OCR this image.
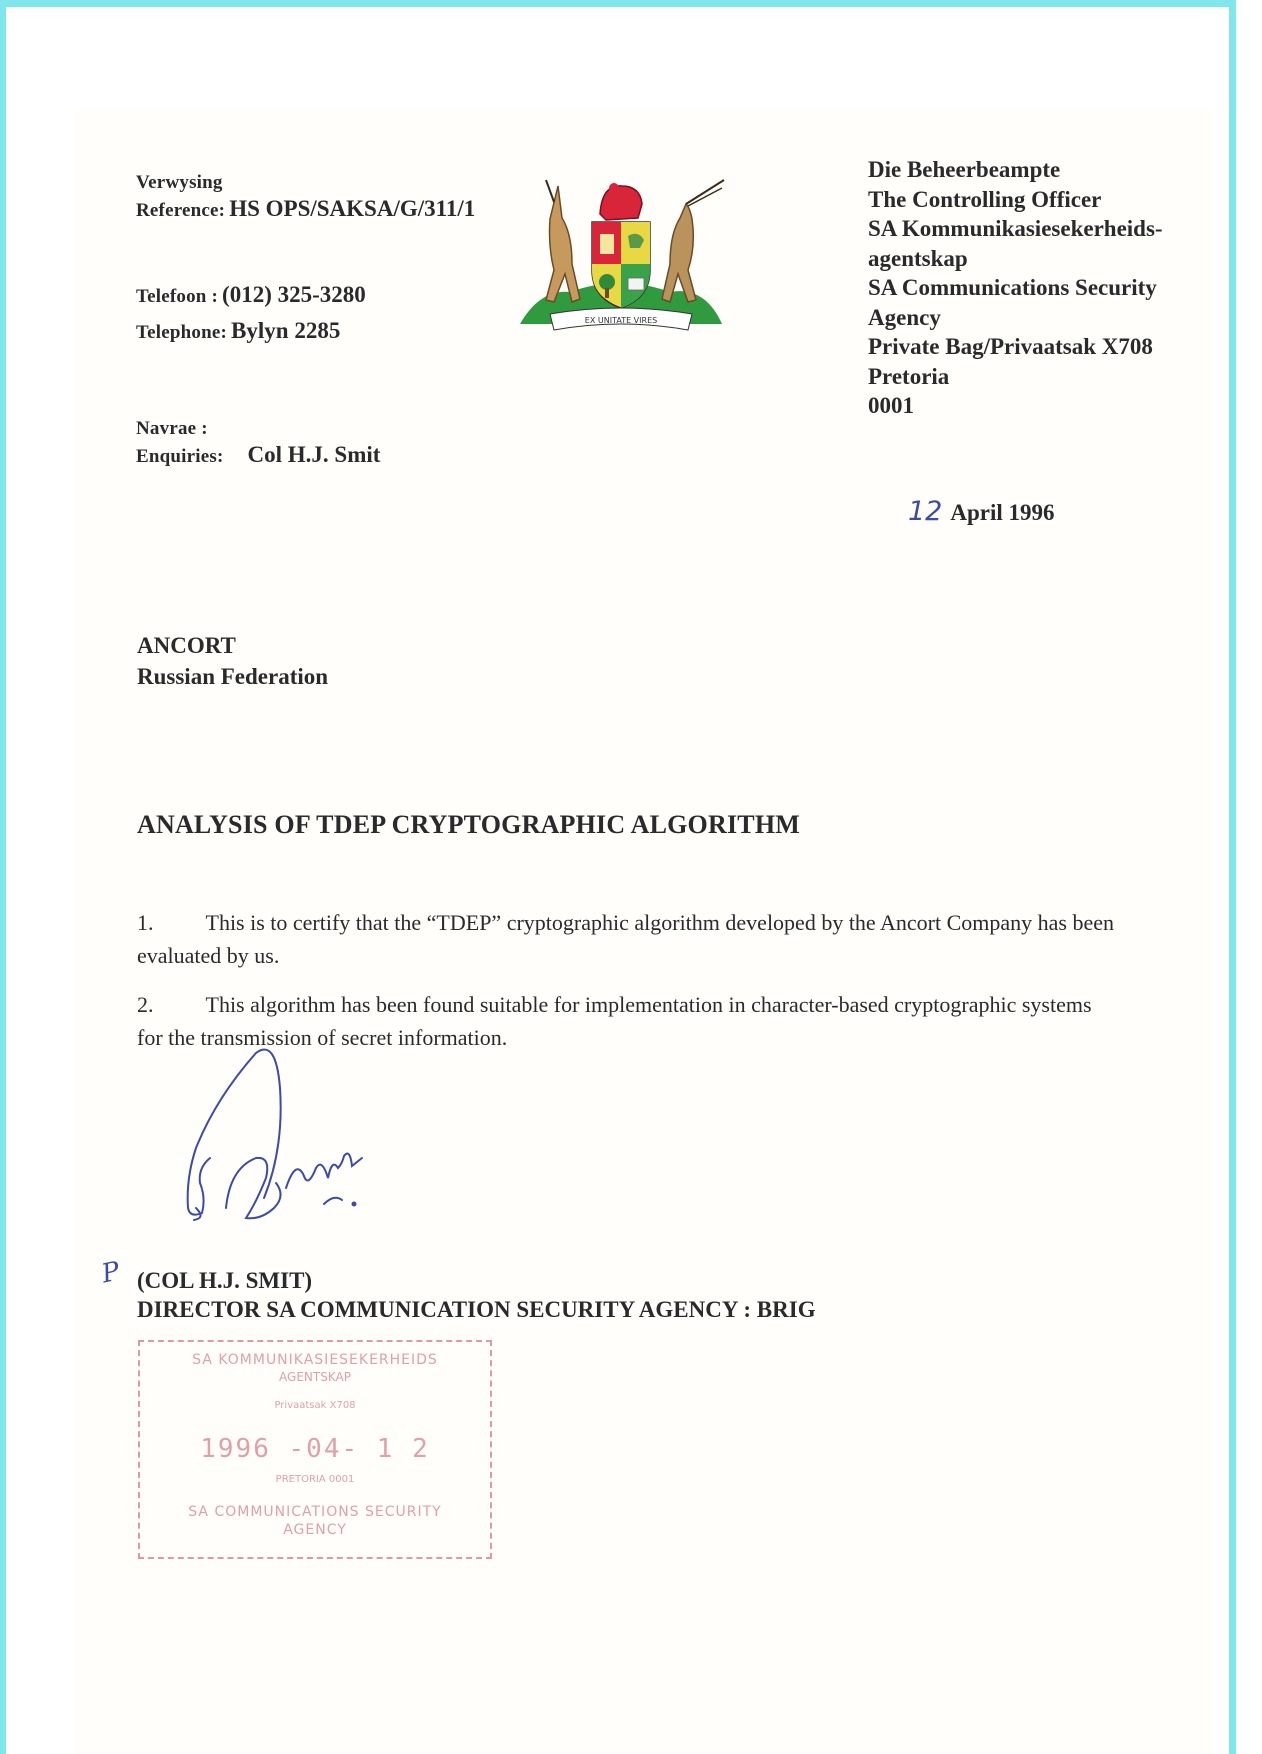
Verwysing
Reference: HS OPS/SAKSA/G/311/1
Telefoon : (012) 325-3280
Telephone: Bylyn 2285
Navrae :
Enquiries: Col H.J. Smit
EX UNITATE VIRES
Die Beheerbeampte
The Controlling Officer
SA Kommunikasiesekerheids-
agentskap
SA Communications Security
Agency
Private Bag/Privaatsak X708
Pretoria
0001
12 April 1996
ANCORT
Russian Federation
ANALYSIS OF TDEP CRYPTOGRAPHIC ALGORITHM
1. This is to certify that the “TDEP” cryptographic algorithm developed by the Ancort Company has been evaluated by us.
2. This algorithm has been found suitable for implementation in character-based cryptographic systems for the transmission of secret information.
P (COL H.J. SMIT)
DIRECTOR SA COMMUNICATION SECURITY AGENCY : BRIG
SA KOMMUNIKASIESEKERHEIDS
AGENTSKAP
Privaatsak X708
1996 -04- 1 2
PRETORIA 0001
SA COMMUNICATIONS SECURITY
AGENCY
